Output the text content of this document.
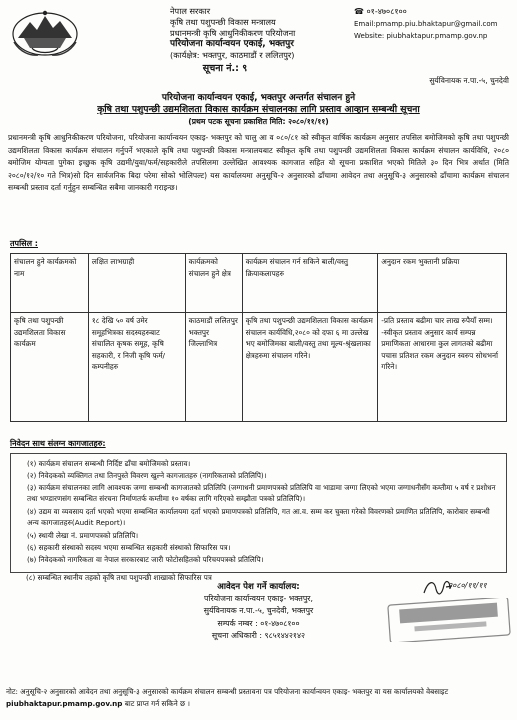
नेपाल सरकार
कृषि तथा पशुपन्छी विकास मन्त्रालय
प्रधानमन्त्री कृषि आधुनिकीकरण परियोजना
परियोजना कार्यान्वयन एकाई, भक्तपुर
(कार्यक्षेत्र: भक्तपुर, काठमाडौं र ललितपुर)
सूचना नं.: ९
☎ ०१-४७०८१००
Email:pmamp.piu.bhaktapur@gmail.com
Website: piubhaktapur.pmamp.gov.np
सुर्यविनायक न.पा.-५, चुनदेवी
परियोजना कार्यान्वयन एकाई, भक्तपुर अन्तर्गत संचालन हुने
कृषि तथा पशुपन्छी उद्यमशिलता विकास कार्यक्रम संचालनका लागि प्रस्ताव आव्हान सम्बन्धी सूचना
(प्रथम पटक सूचना प्रकाशित मिति: २०८०/११/११)
प्रधानमन्त्री कृषि आधुनिकीकरण परियोजना, परियोजना कार्यान्वयन एकाइ- भक्तपुर को चालु आ व ०८०/८१ को स्वीकृत वार्षिक कार्यक्रम अनुसार तपसिल बमोजिमको कृषि तथा पशुपन्छी उद्यमशिलता विकास कार्यक्रम संचालन गर्नुपर्ने भएकाले कृषि तथा पशुपन्छी विकास मन्त्रालयबाट स्वीकृत कृषि तथा पशुपन्छी उद्यमशिलता विकास कार्यक्रम संचालन कार्यविधि, २०८० बमोजिम योग्यता पुगेका इच्छुक कृषि उद्यमी/युवा/फर्म/सहकारीले तपसिलमा उल्लेखित आवश्यक कागजात सहित यो सूचना प्रकाशित भएको मितिले ३० दिन भित्र अर्थात (मिति २०८०/१२/१० गते भित्र)सो दिन सार्वजनिक बिदा परेमा सोको भोलिपल्ट) यस कार्यालयमा अनुसूचि-२ अनुसारको ढाँचामा आवेदन तथा अनुसूचि-३ अनुसारको ढाँचामा कार्यक्रम संचालन सम्बन्धी प्रस्ताव दर्ता गर्नुहुन सम्बन्धित सबैमा जानकारी गराइन्छ।
तपसिल :
संचालन हुने कार्यक्रमको नाम	लक्षित लाभग्राही	कार्यक्रमको संचालन हुने क्षेत्र	कार्यक्रम संचालन गर्न सकिने बाली/वस्तु क्रियाकलापहरु	अनुदान रकम भुक्तानी प्रक्रिया
कृषि तथा पशुपन्छी उद्यमशिलता विकास कार्यक्रम	१८ देखि ५० वर्ष उमेर समूहभित्रका सदस्यहरुबाट संचालित कृषक समूह, कृषि सहकारी, र निजी कृषि फर्म/कम्पनीहरु	काठमाडौं ललितपुर भक्तपुर जिल्लाभित्र	कृषि तथा पशुपन्छी उद्यमशिलता विकास कार्यक्रम संचालन कार्यविधि,२०८० को दफा ६ मा उल्लेख भए बमोजिमका बाली/वस्तु तथा मूल्य-श्रृंखलाका क्षेत्रहरुमा संचालन गरिने।	-प्रति प्रस्ताव बढीमा चार लाख रुपैयाँ सम्म। -स्वीकृत प्रस्ताव अनुसार कार्य सम्पन्न प्रमाणिकता आधारमा कुल लागतको बढीमा पचास प्रतिशत रकम अनुदान स्वरुप सोधभर्ना गरिने।
निवेदन साथ संलग्न कागजातहरु:
(१) कार्यक्रम संचालन सम्बन्धी निर्दिष्ट ढाँचा बमोजिमको प्रस्ताव।
(२) निवेदकको व्यक्तिगत तथा तिनपुस्ते विवरण खुल्ने कागजातहरु (नागरिकताको प्रतिलिपि)।
(३) कार्यक्रम संचालनका लागि आवश्यक जग्गा सम्बन्धी कागजातको प्रतिलिपि (जग्गाधनी प्रमाणपत्रको प्रतिलिपि वा भाडामा जग्गा लिएको भएमा जग्गाधनीसँग कम्तीमा ५ वर्ष र प्रशोधन तथा भण्डारणसंग सम्बन्धित संरचना निर्माणतर्फ कम्तीमा १० वर्षका लागि गरिएको सम्झौता पत्रको प्रतिलिपि)।
(४) उद्यम वा व्यवसाय दर्ता भएको भएमा सम्बन्धित कार्यालयमा दर्ता भएको प्रमाणपत्रको प्रतिलिपि, गत आ.व. सम्म कर चुक्ता गरेको विवरणको प्रमाणित प्रतिलिपि, कारोबार सम्बन्धी अन्य कागजातहरु(Audit Report)।
(५) स्थायी लेखा नं. प्रमाणपत्रको प्रतिलिपि।
(६) सहकारी संस्थाको सदस्य भएमा सम्बन्धित सहकारी संस्थाको सिफारिस पत्र।
(७) निवेदकको नागरिकता वा नेपाल सरकारबाट जारी फोटोसहितको परिचयपत्रको प्रतिलिपि।
(८) सम्बन्धित स्थानीय तहको कृषि तथा पशुपन्छी शाखाको सिफारिस पत्र
आवेदन पेश गर्ने कार्यालय:
परियोजना कार्यान्वयन एकाइ- भक्तपुर,
सुर्यविनायक न.पा.-५, चुनदेवी, भक्तपुर
सम्पर्क नम्बर : ०१-४७०८१००
सूचना अधिकारी : ९८५१४४२१४२
२०८०/११/११
नोट: अनुसूचि-२ अनुसारको आवेदन तथा अनुसूचि-३ अनुसारको कार्यक्रम संचालन सम्बन्धी प्रस्तावना पत्र परियोजना कार्यान्वयन एकाइ- भक्तपुर वा यस कार्यालयको वेबसाइट piubhaktapur.pmamp.gov.np बाट प्राप्त गर्न सकिने छ ।
